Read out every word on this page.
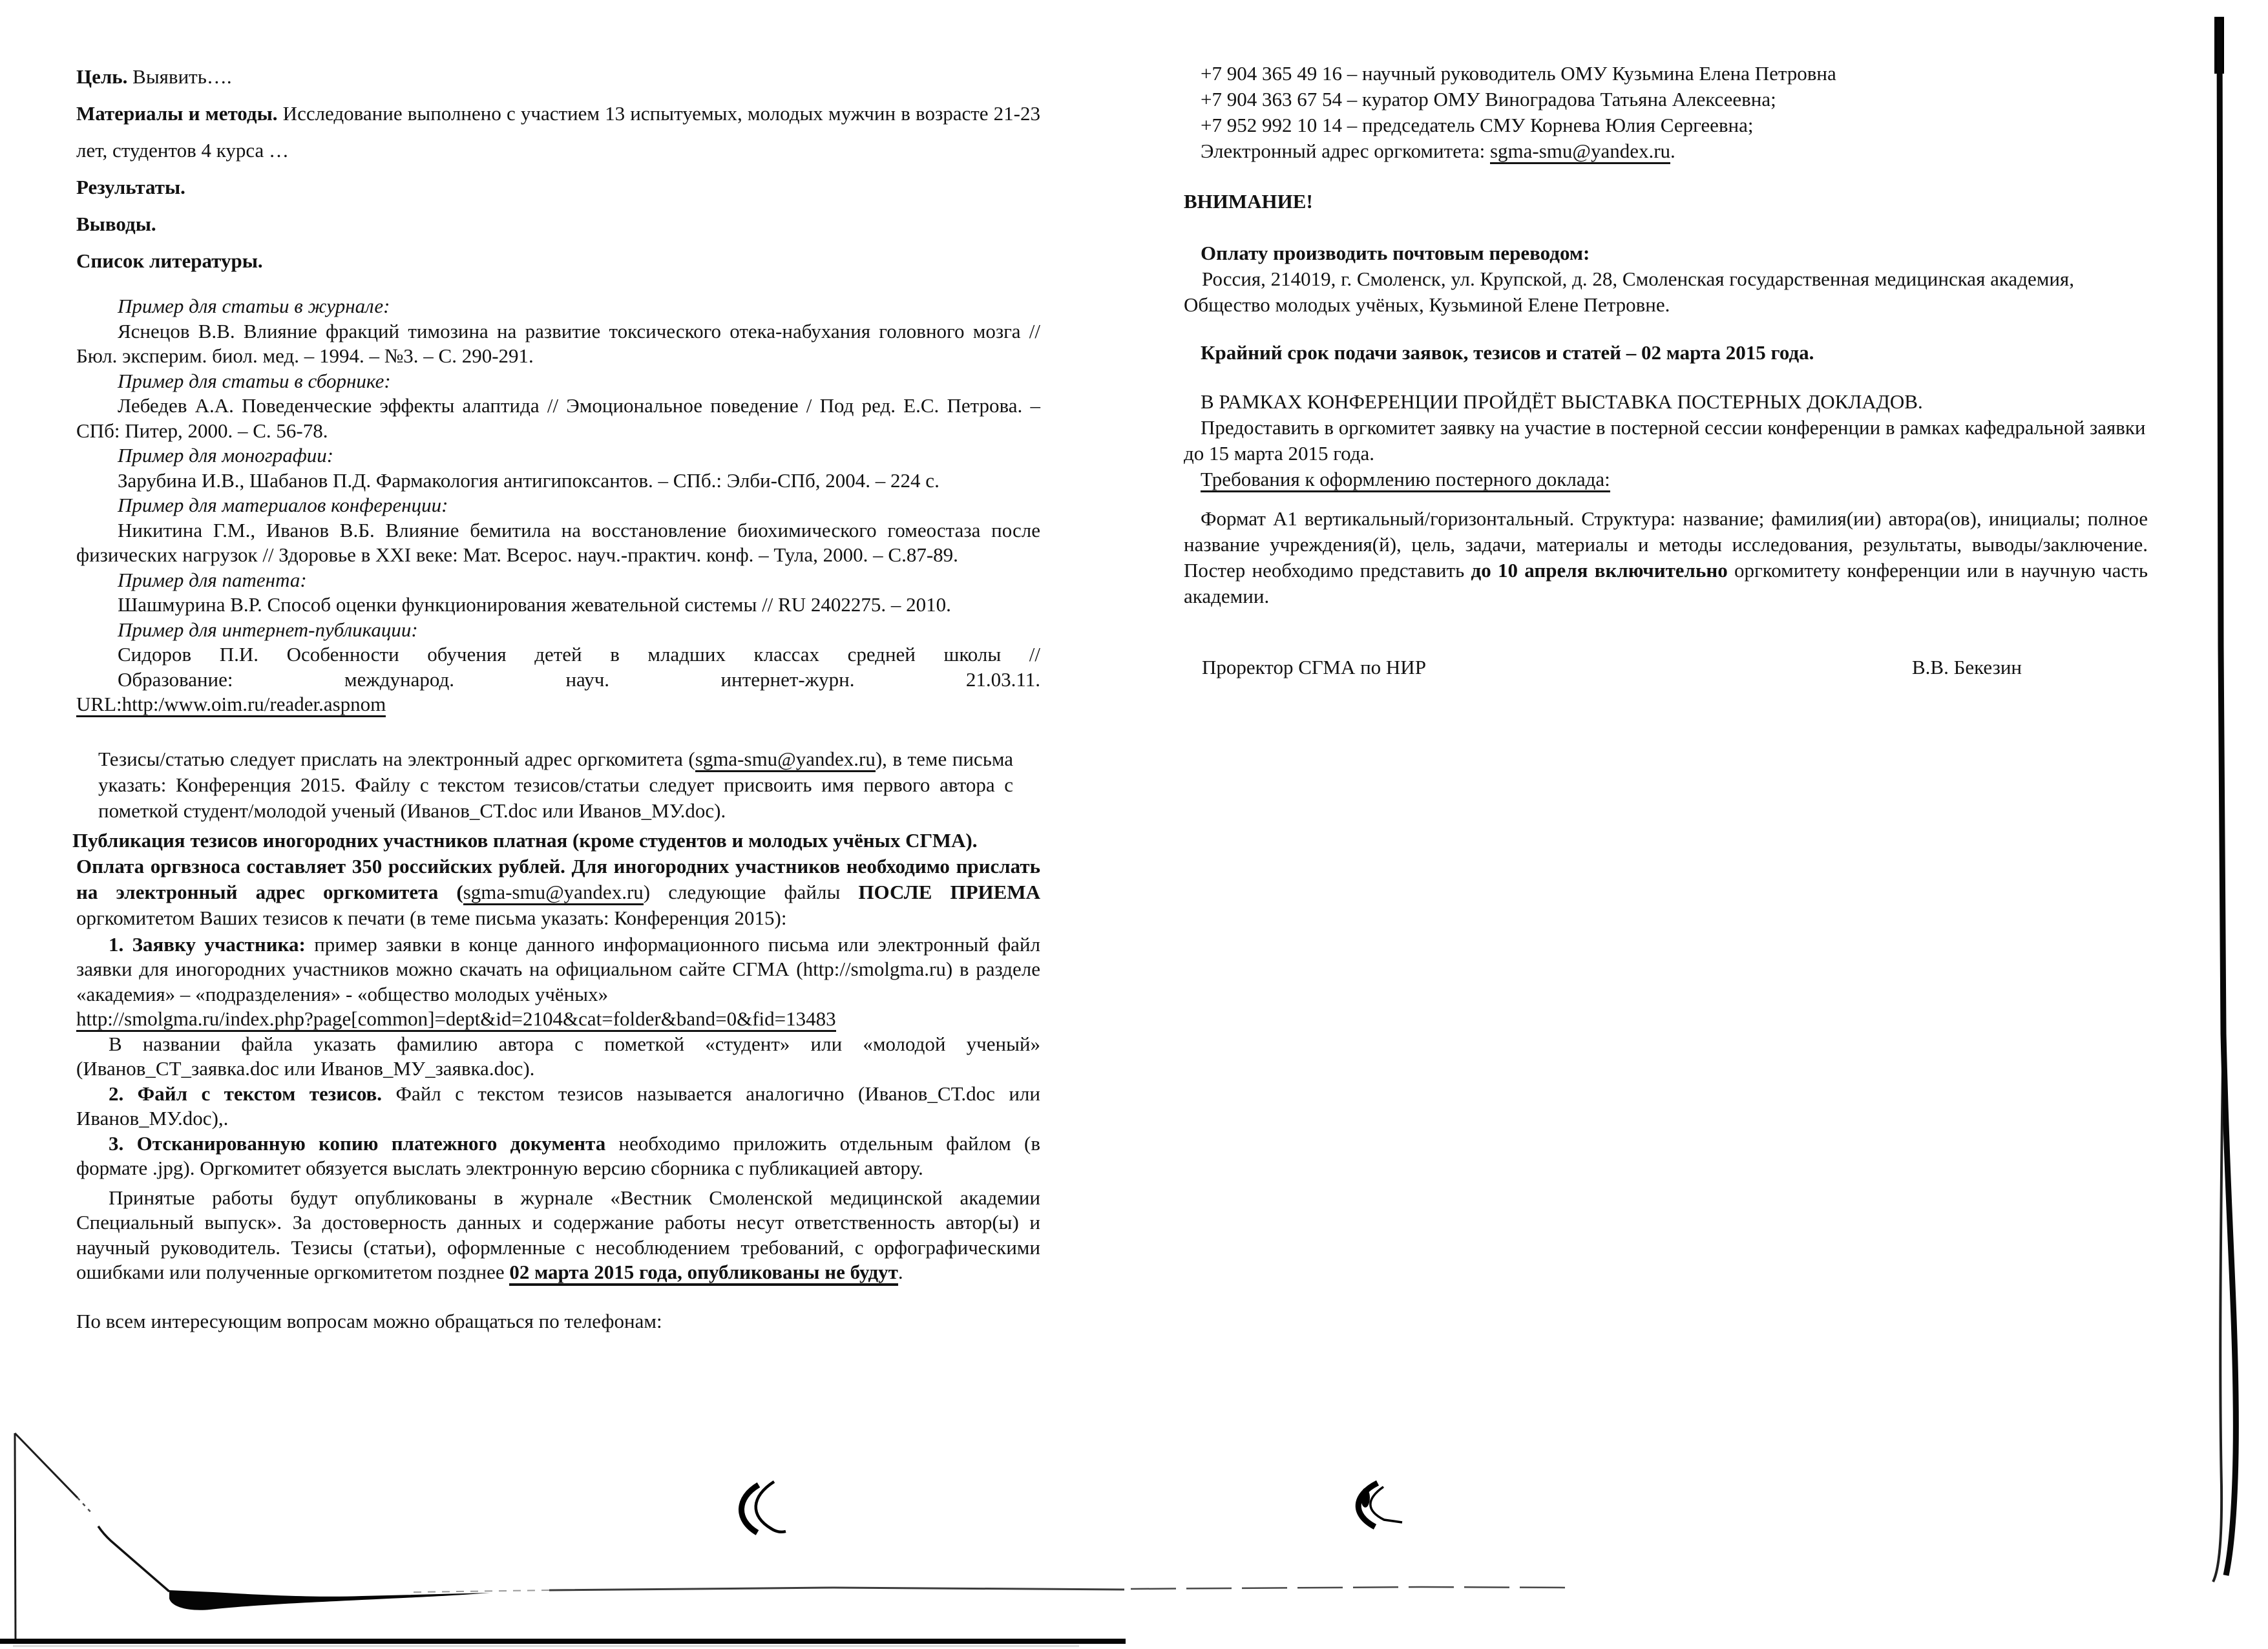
Цель. Выявить….

Материалы и методы. Исследование выполнено с участием 13 испытуемых, молодых мужчин в возрасте 21-23 лет, студентов 4 курса …

Результаты.

Выводы.

Список литературы.

Пример для статьи в журнале:

Яснецов В.В. Влияние фракций тимозина на развитие токсического отека-набухания головного мозга // Бюл. эксперим. биол. мед. – 1994. – №3. – С. 290-291.

Пример для статьи в сборнике:

Лебедев А.А. Поведенческие эффекты алаптида // Эмоциональное поведение / Под ред. Е.С. Петрова. – СПб: Питер, 2000. – С. 56-78.

Пример для монографии:

Зарубина И.В., Шабанов П.Д. Фармакология антигипоксантов. – СПб.: Элби-СПб, 2004. – 224 с.

Пример для материалов конференции:

Никитина Г.М., Иванов В.Б. Влияние бемитила на восстановление биохимического гомеостаза после физических нагрузок // Здоровье в XXI веке: Мат. Всерос. науч.-практич. конф. – Тула, 2000. – С.87-89.

Пример для патента:

Шашмурина В.Р. Способ оценки функционирования жевательной системы // RU 2402275. – 2010.

Пример для интернет-публикации:

Сидоров П.И. Особенности обучения детей в младших классах средней школы //
Образование: международ. науч. интернет-журн. 21.03.11.

URL:http:/www.oim.ru/reader.aspnom

Тезисы/статью следует прислать на электронный адрес оргкомитета (sgma-smu@yandex.ru), в теме письма указать: Конференция 2015. Файлу с текстом тезисов/статьи следует присвоить имя первого автора с пометкой студент/молодой ученый (Иванов_СТ.doc или Иванов_МУ.doc).

Публикация тезисов иногородних участников платная (кроме студентов и молодых учёных СГМА).

Оплата оргвзноса составляет 350 российских рублей. Для иногородних участников необходимо прислать на электронный адрес оргкомитета (sgma-smu@yandex.ru) следующие файлы ПОСЛЕ ПРИЕМА оргкомитетом Ваших тезисов к печати (в теме письма указать: Конференция 2015):

1. Заявку участника: пример заявки в конце данного информационного письма или электронный файл заявки для иногородних участников можно скачать на официальном сайте СГМА (http://smolgma.ru) в разделе «академия» – «подразделения» - «общество молодых учёных»

http://smolgma.ru/index.php?page[common]=dept&id=2104&cat=folder&band=0&fid=13483

В названии файла указать фамилию автора с пометкой «студент» или «молодой ученый» (Иванов_СТ_заявка.doc или Иванов_МУ_заявка.doc).

2. Файл с текстом тезисов. Файл с текстом тезисов называется аналогично (Иванов_СТ.doc или Иванов_МУ.doc),.

3. Отсканированную копию платежного документа необходимо приложить отдельным файлом (в формате .jpg). Оргкомитет обязуется выслать электронную версию сборника с публикацией автору.

Принятые работы будут опубликованы в журнале «Вестник Смоленской медицинской академии Специальный выпуск». За достоверность данных и содержание работы несут ответственность автор(ы) и научный руководитель. Тезисы (статьи), оформленные с несоблюдением требований, с орфографическими ошибками или полученные оргкомитетом позднее 02 марта 2015 года, опубликованы не будут.

По всем интересующим вопросам можно обращаться по телефонам:

+7 904 365 49 16 – научный руководитель ОМУ Кузьмина Елена Петровна

+7 904 363 67 54 – куратор ОМУ Виноградова Татьяна Алексеевна;

+7 952 992 10 14 – председатель СМУ Корнева Юлия Сергеевна;

Электронный адрес оргкомитета: sgma-smu@yandex.ru.

ВНИМАНИЕ!

Оплату производить почтовым переводом:

Россия, 214019, г. Смоленск, ул. Крупской, д. 28, Смоленская государственная медицинская академия, Общество молодых учёных, Кузьминой Елене Петровне.

Крайний срок подачи заявок, тезисов и статей – 02 марта 2015 года.

В РАМКАХ КОНФЕРЕНЦИИ ПРОЙДЁТ ВЫСТАВКА ПОСТЕРНЫХ ДОКЛАДОВ.

Предоставить в оргкомитет заявку на участие в постерной сессии конференции в рамках кафедральной заявки до 15 марта 2015 года.

Требования к оформлению постерного доклада:

Формат А1 вертикальный/горизонтальный. Структура: название; фамилия(ии) автора(ов), инициалы; полное название учреждения(й), цель, задачи, материалы и методы исследования, результаты, выводы/заключение. Постер необходимо представить до 10 апреля включительно оргкомитету конференции или в научную часть академии.

Проректор СГМА по НИР	В.В. Бекезин
